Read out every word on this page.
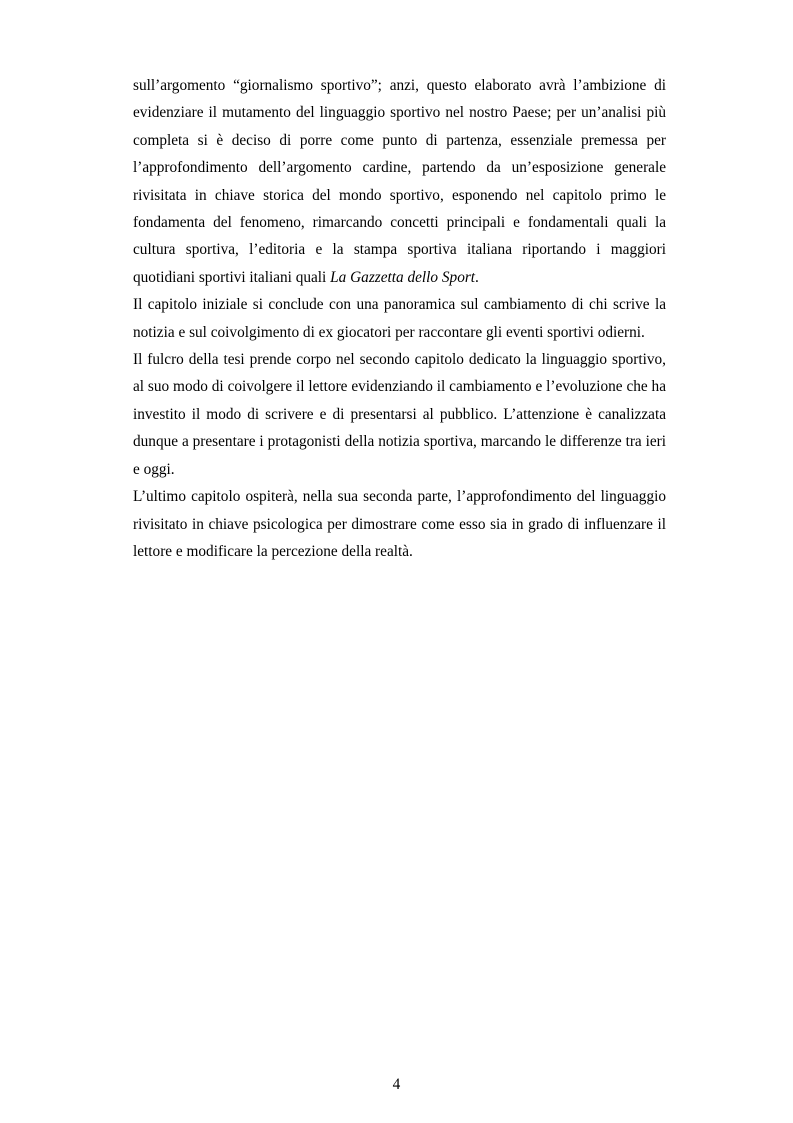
sull’argomento “giornalismo sportivo”; anzi, questo elaborato avrà l’ambizione di evidenziare il mutamento del linguaggio sportivo nel nostro Paese; per un’analisi più completa si è deciso di porre come punto di partenza, essenziale premessa per l’approfondimento dell’argomento cardine, partendo da un’esposizione generale rivisitata in chiave storica del mondo sportivo, esponendo nel capitolo primo le fondamenta del fenomeno, rimarcando concetti principali e fondamentali quali la cultura sportiva, l’editoria e la stampa sportiva italiana riportando i maggiori quotidiani sportivi italiani quali La Gazzetta dello Sport.

Il capitolo iniziale si conclude con una panoramica sul cambiamento di chi scrive la notizia e sul coivolgimento di ex giocatori per raccontare gli eventi sportivi odierni.

Il fulcro della tesi prende corpo nel secondo capitolo dedicato la linguaggio sportivo, al suo modo di coivolgere il lettore evidenziando il cambiamento e l’evoluzione che ha investito il modo di scrivere e di presentarsi al pubblico. L’attenzione è canalizzata dunque a presentare i protagonisti della notizia sportiva, marcando le differenze tra ieri e oggi.

L’ultimo capitolo ospiterà, nella sua seconda parte, l’approfondimento del linguaggio rivisitato in chiave psicologica per dimostrare come esso sia in grado di influenzare il lettore e modificare la percezione della realtà.

4
